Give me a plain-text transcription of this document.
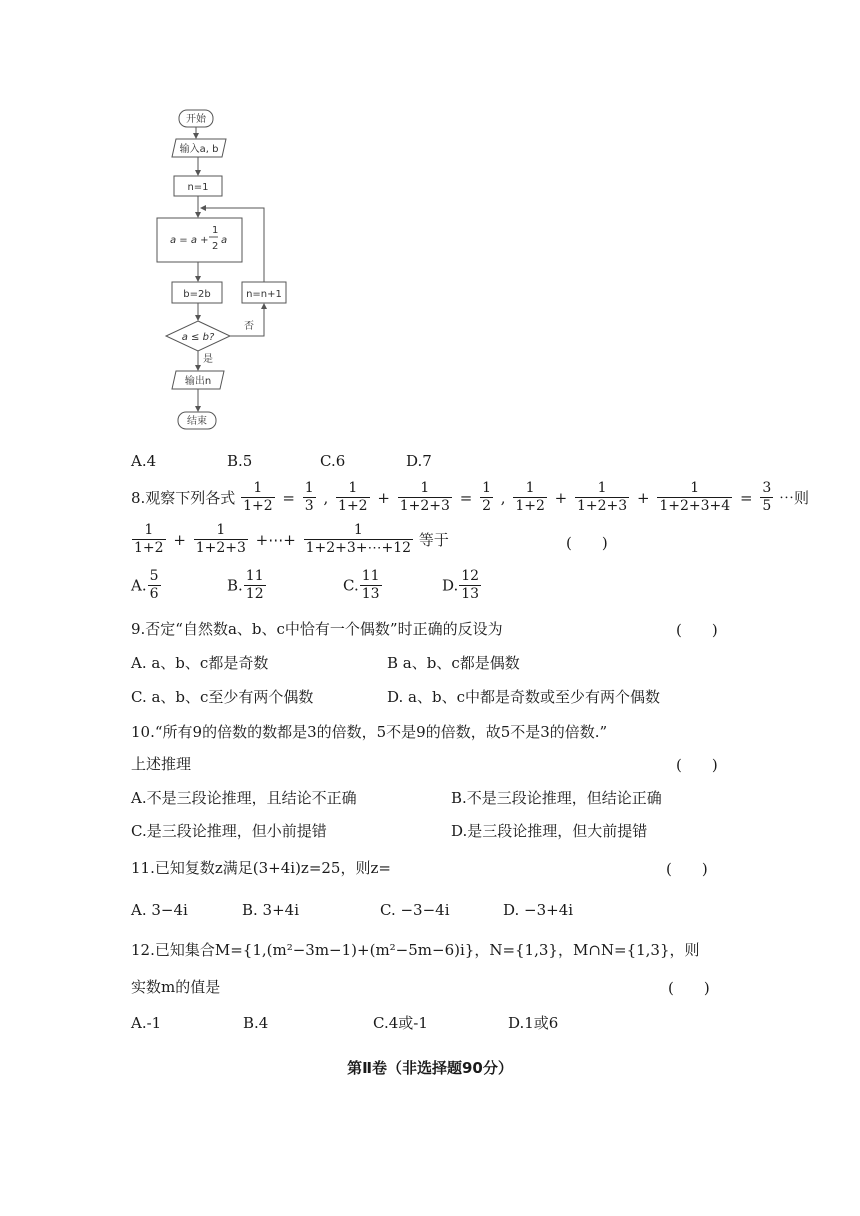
开始
输入a, b
n=1
a = a +
1
2
a
b=2b	n=n+1
a ≤ b?
否
是
输出n
结束
A.4	B.5	C.6	D.7
8.观察下列各式 $\frac{1}{1+2} = \frac{1}{3}$ , $\frac{1}{1+2} + \frac{1}{1+2+3} = \frac{1}{2}$ , $\frac{1}{1+2} + \frac{1}{1+2+3} + \frac{1}{1+2+3+4} = \frac{3}{5}$ ⋯则
$\frac{1}{1+2} + \frac{1}{1+2+3}$ +⋯+ $\frac{1}{1+2+3+\cdots+12}$ 等于	(　　)
A. $\frac{5}{6}$	B. $\frac{11}{12}$	C. $\frac{11}{13}$	D. $\frac{12}{13}$
9.否定“自然数a、b、c中恰有一个偶数”时正确的反设为	(　　)
A. a、b、c都是奇数	B a、b、c都是偶数
C. a、b、c至少有两个偶数	D. a、b、c中都是奇数或至少有两个偶数
10.“所有9的倍数的数都是3的倍数，5不是9的倍数，故5不是3的倍数.”
上述推理	(　　)
A.不是三段论推理，且结论不正确	B.不是三段论推理，但结论正确
C.是三段论推理，但小前提错	D.是三段论推理，但大前提错
11.已知复数z满足(3+4i)z=25，则z=	(　　)
A. 3−4i	B. 3+4i	C. −3−4i	D. −3+4i
12.已知集合M={1,(m²−3m−1)+(m²−5m−6)i}，N={1,3}，M∩N={1,3}，则
实数m的值是	(　　)
A.-1	B.4	C.4或-1	D.1或6
第Ⅱ卷（非选择题90分）
